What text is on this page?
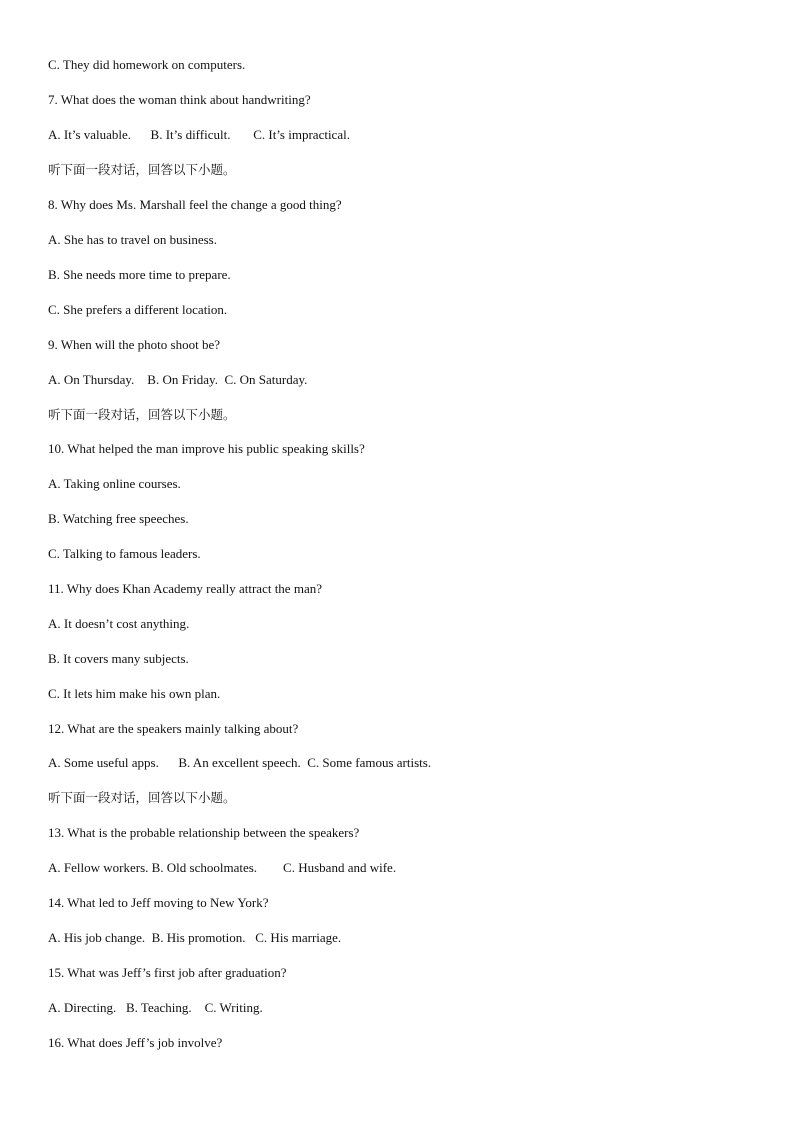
C. They did homework on computers.
7. What does the woman think about handwriting?
A. It’s valuable.      B. It’s difficult.       C. It’s impractical.
听下面一段对话，回答以下小题。
8. Why does Ms. Marshall feel the change a good thing?
A. She has to travel on business.
B. She needs more time to prepare.
C. She prefers a different location.
9. When will the photo shoot be?
A. On Thursday.    B. On Friday.  C. On Saturday.
听下面一段对话，回答以下小题。
10. What helped the man improve his public speaking skills?
A. Taking online courses.
B. Watching free speeches.
C. Talking to famous leaders.
11. Why does Khan Academy really attract the man?
A. It doesn’t cost anything.
B. It covers many subjects.
C. It lets him make his own plan.
12. What are the speakers mainly talking about?
A. Some useful apps.      B. An excellent speech.  C. Some famous artists.
听下面一段对话，回答以下小题。
13. What is the probable relationship between the speakers?
A. Fellow workers. B. Old schoolmates.        C. Husband and wife.
14. What led to Jeff moving to New York?
A. His job change.  B. His promotion.   C. His marriage.
15. What was Jeff’s first job after graduation?
A. Directing.   B. Teaching.    C. Writing.
16. What does Jeff’s job involve?
